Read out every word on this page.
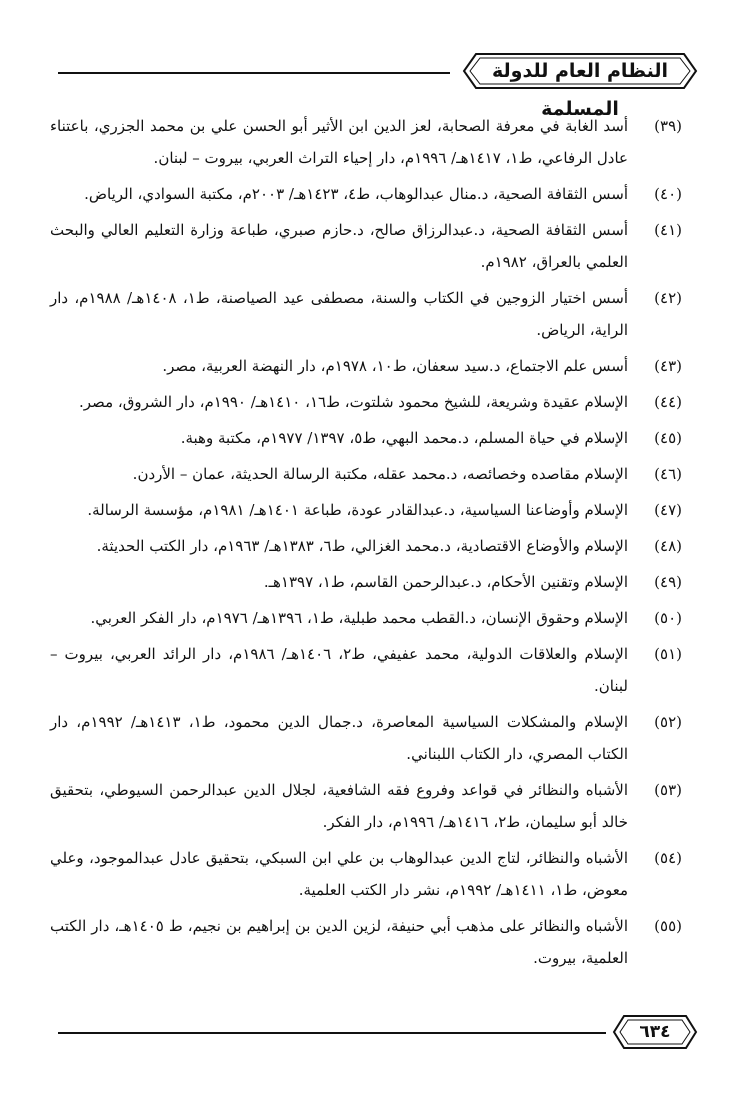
النظام العام للدولة المسلمة
(٣٩)
أسد الغابة في معرفة الصحابة، لعز الدين ابن الأثير أبو الحسن علي بن محمد الجزري، باعتناء عادل الرفاعي، ط١، ١٤١٧هـ/ ١٩٩٦م، دار إحياء التراث العربي، بيروت – لبنان.
(٤٠)
أسس الثقافة الصحية، د.منال عبدالوهاب، ط٤، ١٤٢٣هـ/ ٢٠٠٣م، مكتبة السوادي، الرياض.
(٤١)
أسس الثقافة الصحية، د.عبدالرزاق صالح، د.حازم صبري، طباعة وزارة التعليم العالي والبحث العلمي بالعراق، ١٩٨٢م.
(٤٢)
أسس اختيار الزوجين في الكتاب والسنة، مصطفى عيد الصياصنة، ط١، ١٤٠٨هـ/ ١٩٨٨م، دار الراية، الرياض.
(٤٣)
أسس علم الاجتماع، د.سيد سعفان، ط١٠، ١٩٧٨م، دار النهضة العربية، مصر.
(٤٤)
الإسلام عقيدة وشريعة، للشيخ محمود شلتوت، ط١٦، ١٤١٠هـ/ ١٩٩٠م، دار الشروق، مصر.
(٤٥)
الإسلام في حياة المسلم، د.محمد البهي، ط٥، ١٣٩٧/ ١٩٧٧م، مكتبة وهبة.
(٤٦)
الإسلام مقاصده وخصائصه، د.محمد عقله، مكتبة الرسالة الحديثة، عمان – الأردن.
(٤٧)
الإسلام وأوضاعنا السياسية، د.عبدالقادر عودة، طباعة ١٤٠١هـ/ ١٩٨١م، مؤسسة الرسالة.
(٤٨)
الإسلام والأوضاع الاقتصادية، د.محمد الغزالي، ط٦، ١٣٨٣هـ/ ١٩٦٣م، دار الكتب الحديثة.
(٤٩)
الإسلام وتقنين الأحكام، د.عبدالرحمن القاسم، ط١، ١٣٩٧هـ.
(٥٠)
الإسلام وحقوق الإنسان، د.القطب محمد طبلية، ط١، ١٣٩٦هـ/ ١٩٧٦م، دار الفكر العربي.
(٥١)
الإسلام والعلاقات الدولية، محمد عفيفي، ط٢، ١٤٠٦هـ/ ١٩٨٦م، دار الرائد العربي، بيروت – لبنان.
(٥٢)
الإسلام والمشكلات السياسية المعاصرة، د.جمال الدين محمود، ط١، ١٤١٣هـ/ ١٩٩٢م، دار الكتاب المصري، دار الكتاب اللبناني.
(٥٣)
الأشباه والنظائر في قواعد وفروع فقه الشافعية، لجلال الدين عبدالرحمن السيوطي، بتحقيق خالد أبو سليمان، ط٢، ١٤١٦هـ/ ١٩٩٦م، دار الفكر.
(٥٤)
الأشباه والنظائر، لتاج الدين عبدالوهاب بن علي ابن السبكي، بتحقيق عادل عبدالموجود، وعلي معوض، ط١، ١٤١١هـ/ ١٩٩٢م، نشر دار الكتب العلمية.
(٥٥)
الأشباه والنظائر على مذهب أبي حنيفة، لزين الدين بن إبراهيم بن نجيم، ط ١٤٠٥هـ، دار الكتب العلمية، بيروت.
٦٣٤
